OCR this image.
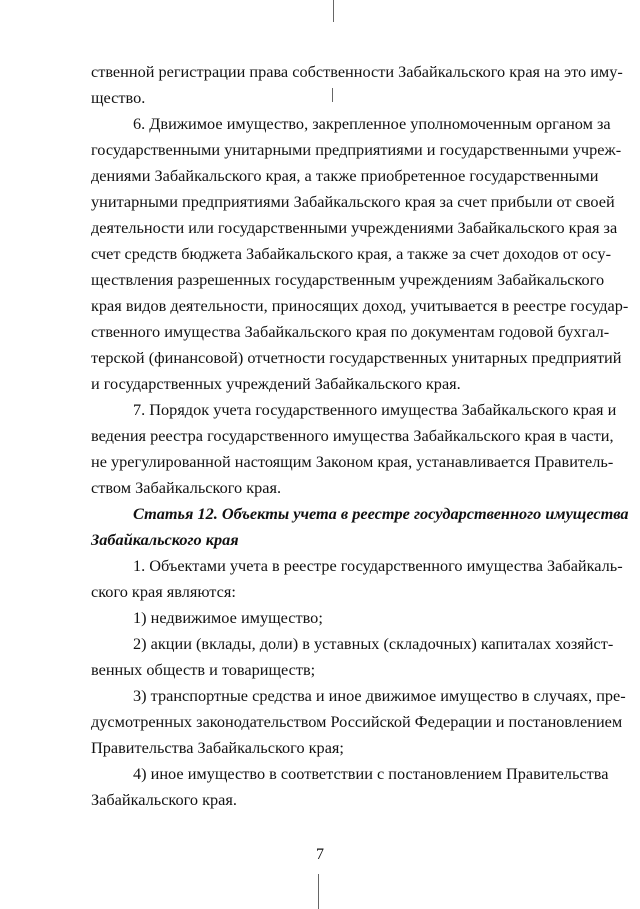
ственной регистрации права собственности Забайкальского края на это иму-
щество.
6. Движимое имущество, закрепленное уполномоченным органом за
государственными унитарными предприятиями и государственными учреж-
дениями Забайкальского края, а также приобретенное государственными
унитарными предприятиями Забайкальского края за счет прибыли от своей
деятельности или государственными учреждениями Забайкальского края за
счет средств бюджета Забайкальского края, а также за счет доходов от осу-
ществления разрешенных государственным учреждениям Забайкальского
края видов деятельности, приносящих доход, учитывается в реестре государ-
ственного имущества Забайкальского края по документам годовой бухгал-
терской (финансовой) отчетности государственных унитарных предприятий
и государственных учреждений Забайкальского края.
7. Порядок учета государственного имущества Забайкальского края и
ведения реестра государственного имущества Забайкальского края в части,
не урегулированной настоящим Законом края, устанавливается Правитель-
ством Забайкальского края.
Статья 12. Объекты учета в реестре государственного имущества
Забайкальского края
1. Объектами учета в реестре государственного имущества Забайкаль-
ского края являются:
1) недвижимое имущество;
2) акции (вклады, доли) в уставных (складочных) капиталах хозяйст-
венных обществ и товариществ;
3) транспортные средства и иное движимое имущество в случаях, пре-
дусмотренных законодательством Российской Федерации и постановлением
Правительства Забайкальского края;
4) иное имущество в соответствии с постановлением Правительства
Забайкальского края.
7
